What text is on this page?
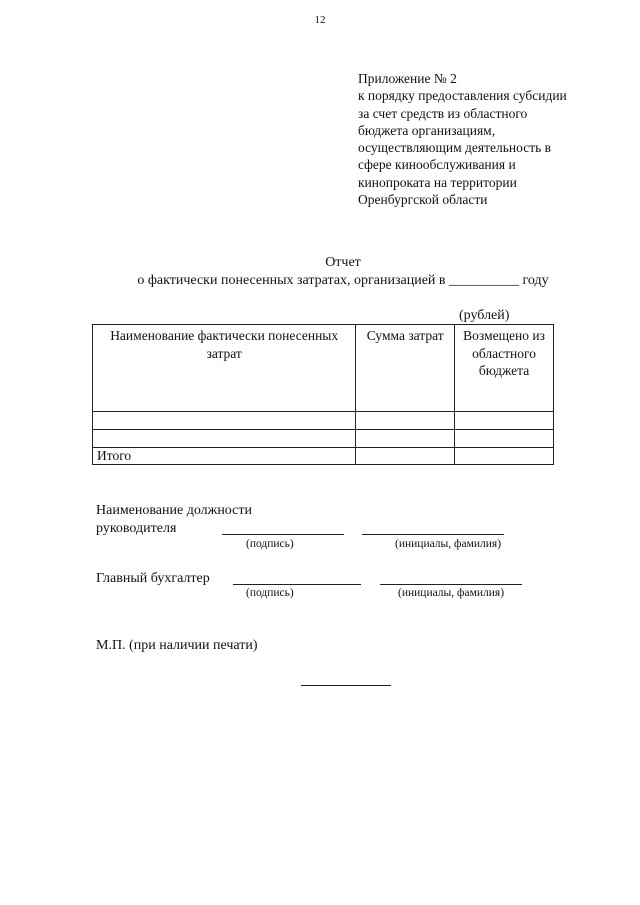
12
Приложение № 2
к порядку предоставления субсидии
за счет средств из областного
бюджета организациям,
осуществляющим деятельность в
сфере кинообслуживания и
кинопроката на территории
Оренбургской области
Отчет
о фактически понесенных затратах, организацией в __________ году
(рублей)
Наименование фактически понесенных затрат	Сумма затрат	Возмещено из областного бюджета

Итого		
Наименование должности
руководителя
(подпись)	(инициалы, фамилия)
Главный бухгалтер
(подпись)	(инициалы, фамилия)
М.П. (при наличии печати)
